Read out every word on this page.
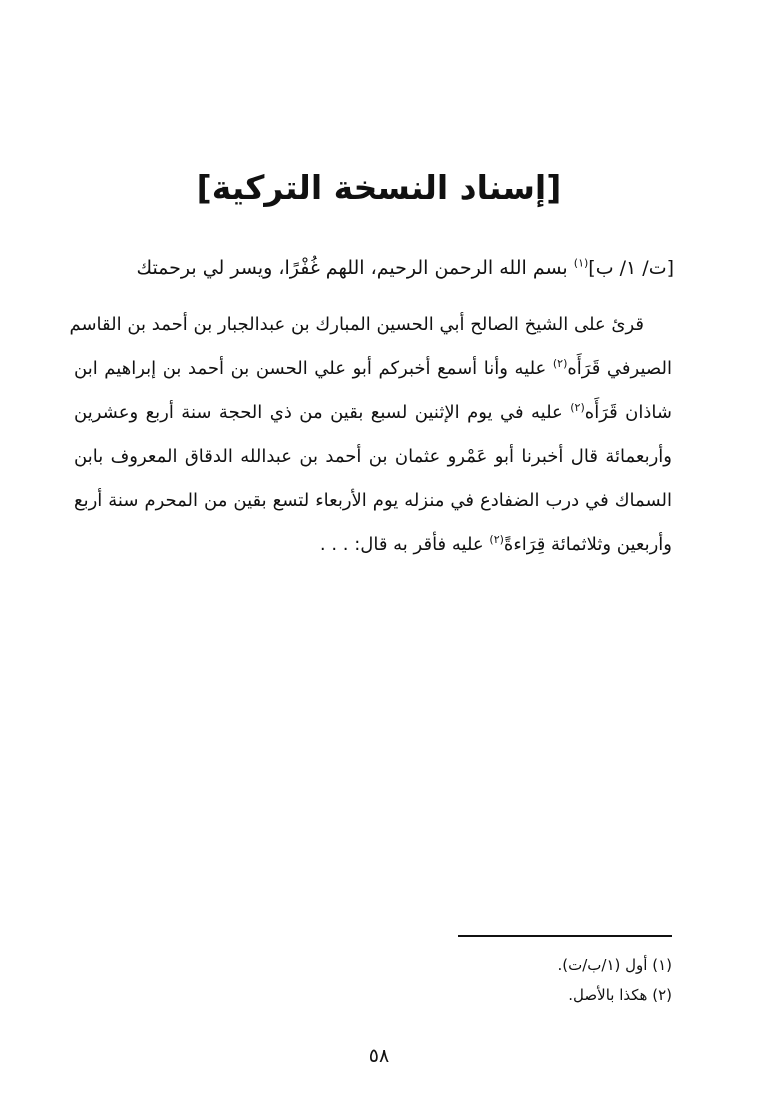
[إسناد النسخة التركية]

[ت/ ١/ ب]$^{(١)}$ بسم الله الرحمن الرحيم، اللهم غُفْرًا، ويسر لي برحمتك

قرئ على الشيخ الصالح أبي الحسين المبارك بن عبدالجبار بن أحمد بن القاسم
الصيرفي قَرَأَه$^{(٢)}$ عليه وأنا أسمع أخبركم أبو علي الحسن بن أحمد بن إبراهيم ابن
شاذان قَرَأَه$^{(٢)}$ عليه في يوم الإثنين لسبع بقين من ذي الحجة سنة أربع وعشرين
وأربعمائة قال أخبرنا أبو عَمْرو عثمان بن أحمد بن عبدالله الدقاق المعروف بابن
السماك في درب الضفادع في منزله يوم الأربعاء لتسع بقين من المحرم سنة أربع
وأربعين وثلاثمائة قِرَاءةً$^{(٢)}$ عليه فأقر به قال: . . .
(١) أول (١/ب/ت).
(٢) هكذا بالأصل.
٥٨
